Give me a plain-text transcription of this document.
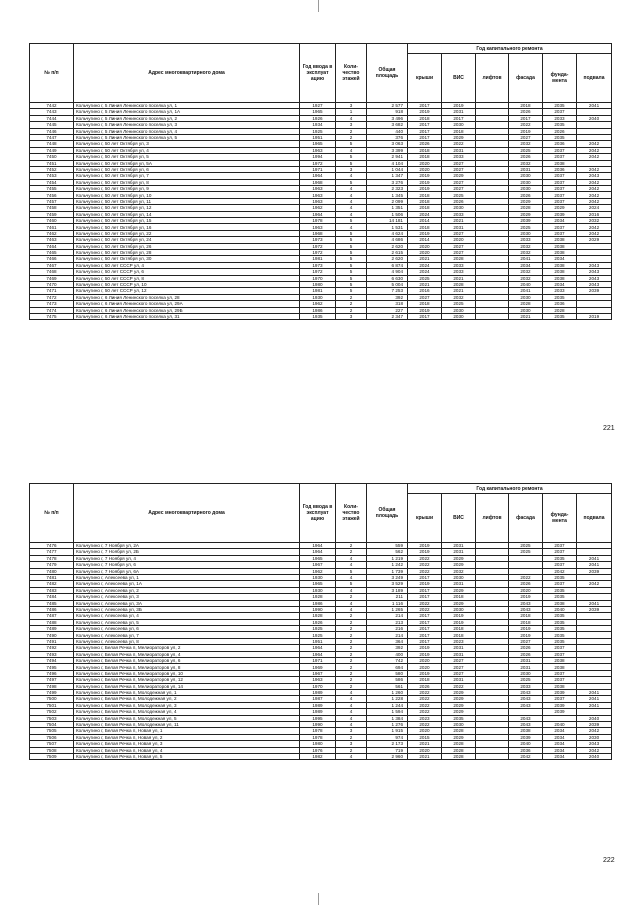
№ п/п	Адрес многоквартирного дома	Год ввода в эксплуат ацию	Коли-чество этажей	Общая площадь	Год капитального ремонта					
					крыши	ВИС	лифтов	фасада	фунда-мента	подвала
7442	Кольчугино г, 5 Линия Ленинского поселка ул, 1	1927	3	2 577	2017	2019		2018	2035	2041
7443	Кольчугино г, 5 Линия Ленинского поселка ул, 1А	1965	1	918	2019	2031		2026	2037	
7444	Кольчугино г, 5 Линия Ленинского поселка ул, 2	1926	4	3 496	2018	2017		2017	2033	2040
7445	Кольчугино г, 5 Линия Ленинского поселка ул, 3	1934	3	3 682	2017	2030		2022	2035	
7446	Кольчугино г, 5 Линия Ленинского поселка ул, 4	1925	2	440	2017	2018		2019	2026	
7447	Кольчугино г, 5 Линия Ленинского поселка ул, 5	1951	2	376	2017	2029		2027	2035	
7448	Кольчугино г, 50 лет Октября ул, 3	1965	5	3 063	2026	2022		2032	2036	2042
7449	Кольчугино г, 50 лет Октября ул, 4	1963	4	3 399	2018	2031		2025	2037	2042
7450	Кольчугино г, 50 лет Октября ул, 5	1994	5	2 941	2018	2033		2026	2037	2042
7451	Кольчугино г, 50 лет Октября ул, 5А	1972	5	4 104	2020	2027		2032	2038	
7452	Кольчугино г, 50 лет Октября ул, 6	1971	3	1 044	2020	2027		2031	2036	2042
7453	Кольчугино г, 50 лет Октября ул, 7	1964	4	1 347	2019	2029		2030	2037	2043
7454	Кольчугино г, 50 лет Октября ул, 8	1968	5	3 276	2019	2027		2030	2037	2042
7455	Кольчугино г, 50 лет Октября ул, 9	1963	4	2 323	2019	2027		2030	2037	2042
7456	Кольчугино г, 50 лет Октября ул, 10	1963	4	1 345	2018	2025		2026	2037	2042
7457	Кольчугино г, 50 лет Октября ул, 11	1963	4	2 099	2018	2026		2029	2037	2042
7458	Кольчугино г, 50 лет Октября ул, 12	1962	4	1 351	2018	2030		2028	2029	2024
7459	Кольчугино г, 50 лет Октября ул, 14	1964	4	1 506	2024	2033		2029	2039	2016
7460	Кольчугино г, 50 лет Октября ул, 15	1978	5	14 181	2014	2021		2039	2034	2032
7461	Кольчугино г, 50 лет Октября ул, 16	1963	4	1 531	2018	2031		2025	2037	2042
7462	Кольчугино г, 50 лет Октября ул, 22	1968	5	4 624	2019	2027		2030	2037	2042
7463	Кольчугино г, 50 лет Октября ул, 24	1973	5	4 686	2014	2020		2033	2038	2029
7464	Кольчугино г, 50 лет Октября ул, 26	1972	5	2 620	2020	2027		2032	2038	
7465	Кольчугино г, 50 лет Октября ул, 28	1972	5	2 615	2020	2027		2032	2038	
7466	Кольчугино г, 50 лет Октября ул, 30	1981	5	2 620	2021	2028		2041	2034	
7467	Кольчугино г, 50 лет СССР ул, 4	1973	5	6 874	2024	2033		2034	2038	2043
7468	Кольчугино г, 50 лет СССР ул, 6	1972	5	4 904	2024	2033		2032	2038	2043
7469	Кольчугино г, 50 лет СССР ул, 8	1970	5	6 630	2025	2021		2032	2038	2043
7470	Кольчугино г, 50 лет СССР ул, 10	1980	5	5 004	2021	2028		2040	2034	2043
7471	Кольчугино г, 50 лет СССР ул, 12	1981	5	7 253	2016	2021		2041	2033	2039
7472	Кольчугино г, 6 Линия Ленинского поселка ул, 28	1930	2	392	2027	2032		2030	2035	
7473	Кольчугино г, 6 Линия Ленинского поселка ул, 29А	1962	2	318	2018	2025		2028	2036	
7474	Кольчугино г, 6 Линия Ленинского поселка ул, 29Б	1986	2	227	2019	2030		2030	2028	
7475	Кольчугино г, 6 Линия Ленинского поселка ул, 31	1935	3	2 347	2017	2030		2021	2035	2019
221
№ п/п	Адрес многоквартирного дома	Год ввода в эксплуат ацию	Коли-чество этажей	Общая площадь	Год капитального ремонта					
					крыши	ВИС	лифтов	фасада	фунда-мента	подвала
7476	Кольчугино г, 7 Ноября ул, 2А	1964	2	559	2019	2031		2025	2037	
7477	Кольчугино г, 7 Ноября ул, 2Б	1964	2	562	2019	2031		2025	2037	
7478	Кольчугино г, 7 Ноября ул, 4	1965	4	1 219	2022	2029			2035	2041
7479	Кольчугино г, 7 Ноября ул, 6	1967	4	1 242	2022	2029			2037	2041
7480	Кольчугино г, 7 Ноября ул, 6А	1962	5	1 739	2022	2032			2042	2039
7481	Кольчугино г, Алексеева ул, 1	1930	4	3 249	2017	2030		2022	2035	
7482	Кольчугино г, Алексеева ул, 1А	1965	5	3 529	2019	2031		2026	2037	2042
7483	Кольчугино г, Алексеева ул, 2	1930	4	3 189	2017	2029		2020	2035	
7484	Кольчугино г, Алексеева ул, 3	1928	2	211	2017	2018		2019	2035	
7485	Кольчугино г, Алексеева ул, 3А	1986	4	1 116	2022	2029		2043	2038	2041
7486	Кольчугино г, Алексеева ул, 3Б	1990	4	1 265	2022	2030		2043	2040	2039
7487	Кольчугино г, Алексеева ул, 4	1928	2	214	2017	2019		2018	2035	
7488	Кольчугино г, Алексеева ул, 5	1926	2	213	2017	2019		2018	2035	
7489	Кольчугино г, Алексеева ул, 6	1925	2	216	2017	2018		2019	2035	
7490	Кольчугино г, Алексеева ул, 7	1925	2	214	2017	2018		2019	2035	
7491	Кольчугино г, Алексеева ул, 8	1951	2	364	2017	2023		2027	2035	
7492	Кольчугино г, Белая Речка п, Мелиораторов ул, 2	1964	2	392	2019	2031		2026	2037	
7493	Кольчугино г, Белая Речка п, Мелиораторов ул, 4	1964	2	400	2019	2031		2026	2037	
7494	Кольчугино г, Белая Речка п, Мелиораторов ул, 6	1971	2	742	2020	2027		2031	2038	
7495	Кольчугино г, Белая Речка п, Мелиораторов ул, 8	1969	2	694	2020	2027		2031	2038	
7496	Кольчугино г, Белая Речка п, Мелиораторов ул, 10	1967	2	580	2019	2027		2030	2037	
7497	Кольчугино г, Белая Речка п, Мелиораторов ул, 12	1963	2	586	2018	2031		2025	2037	
7498	Кольчугино г, Белая Речка п, Мелиораторов ул, 14	1970	2	561	2026	2022		2033	2038	
7499	Кольчугино г, Белая Речка п, Молодежная ул, 1	1989	4	1 260	2022	2029		2043	2039	2041
7500	Кольчугино г, Белая Речка п, Молодежная ул, 2	1987	4	1 228	2022	2029		2043	2037	2041
7501	Кольчугино г, Белая Речка п, Молодежная ул, 3	1989	4	1 244	2022	2029		2043	2039	2041
7502	Кольчугино г, Белая Речка п, Молодежная ул, 4	1989	4	1 594	2022	2029			2039	
7503	Кольчугино г, Белая Речка п, Молодежная ул, 5	1995	4	1 384	2023	2035		2043		2040
7504	Кольчугино г, Белая Речка п, Молодежная ул, 11	1990	4	1 276	2022	2030		2043	2040	2039
7505	Кольчугино г, Белая Речка п, Новая ул, 1	1978	3	1 915	2020	2028		2038	2034	2042
7506	Кольчугино г, Белая Речка п, Новая ул, 2	1978	2	974	2015	2029		2039	2034	2030
7507	Кольчугино г, Белая Речка п, Новая ул, 3	1980	3	2 173	2021	2028		2040	2034	2043
7508	Кольчугино г, Белая Речка п, Новая ул, 4	1976	2	719	2020	2028		2036	2034	2042
7509	Кольчугино г, Белая Речка п, Новая ул, 5	1982	4	2 960	2021	2028		2042	2034	2040
222
